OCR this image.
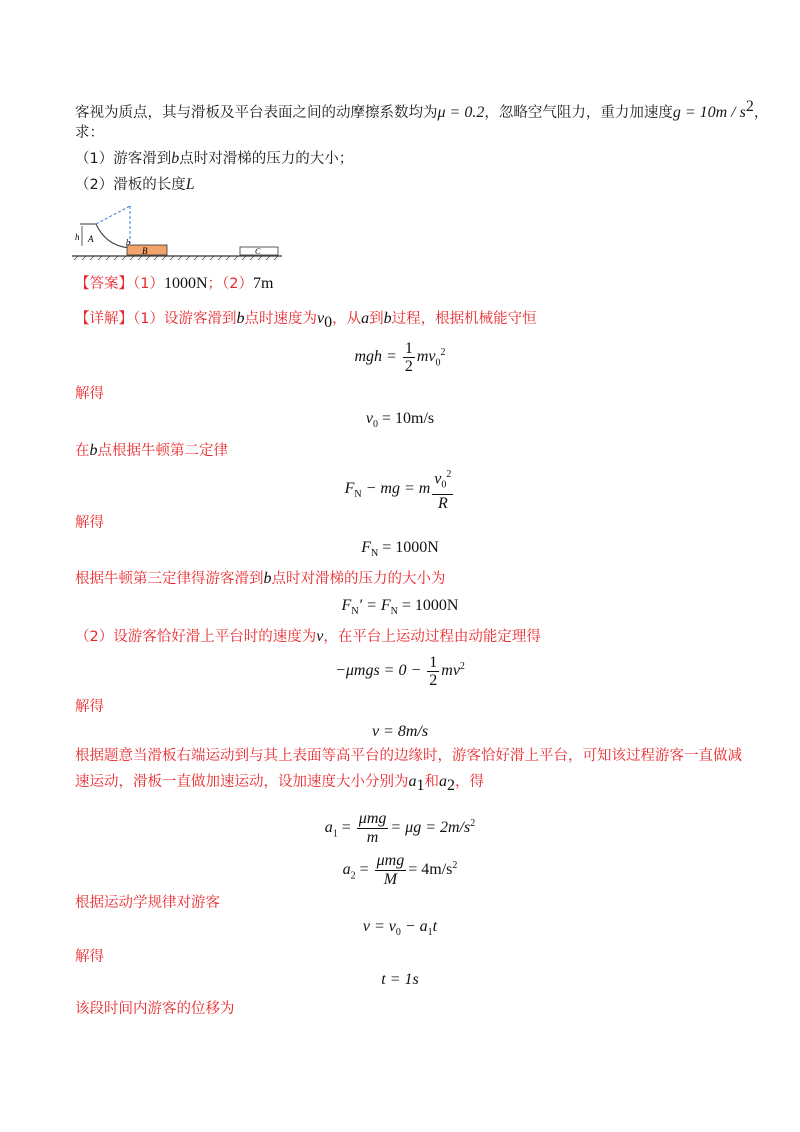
客视为质点，其与滑板及平台表面之间的动摩擦系数均为μ = 0.2，忽略空气阻力，重力加速度$g = 10m / s^2$，
求：
（1）游客滑到b点时对滑梯的压力的大小；
（2）滑板的长度L
h A	b
B	C
【答案】（1）1000N；（2）7m
【详解】（1）设游客滑到b点时速度为$v_0$，从a到b过程，根据机械能守恒
mgh = $\frac{1}{2} mv_0^2$
解得
$v_0 = 10m/s$
在b点根据牛顿第二定律
$F_N$ − mg = m $\frac{v_0^2}{R}$
解得
$F_N = 1000N$
根据牛顿第三定律得游客滑到b点时对滑梯的压力的大小为
$F_N' = F_N = 1000N$
（2）设游客恰好滑上平台时的速度为v，在平台上运动过程由动能定理得
$-\mu mgs = 0 - \frac{1}{2} mv^2$
解得
v = 8m/s
根据题意当滑板右端运动到与其上表面等高平台的边缘时，游客恰好滑上平台，可知该过程游客一直做减
速运动，滑板一直做加速运动，设加速度大小分别为$a_1$和$a_2$，得
$a_1 = \frac{\text{μmg}}{m} = \mu g = 2m/s^2$
$a_2 = \frac{\text{μmg}}{M} = 4m/s^2$
根据运动学规律对游客
$v = v_0 - a_1t$
解得
t = 1s
该段时间内游客的位移为
